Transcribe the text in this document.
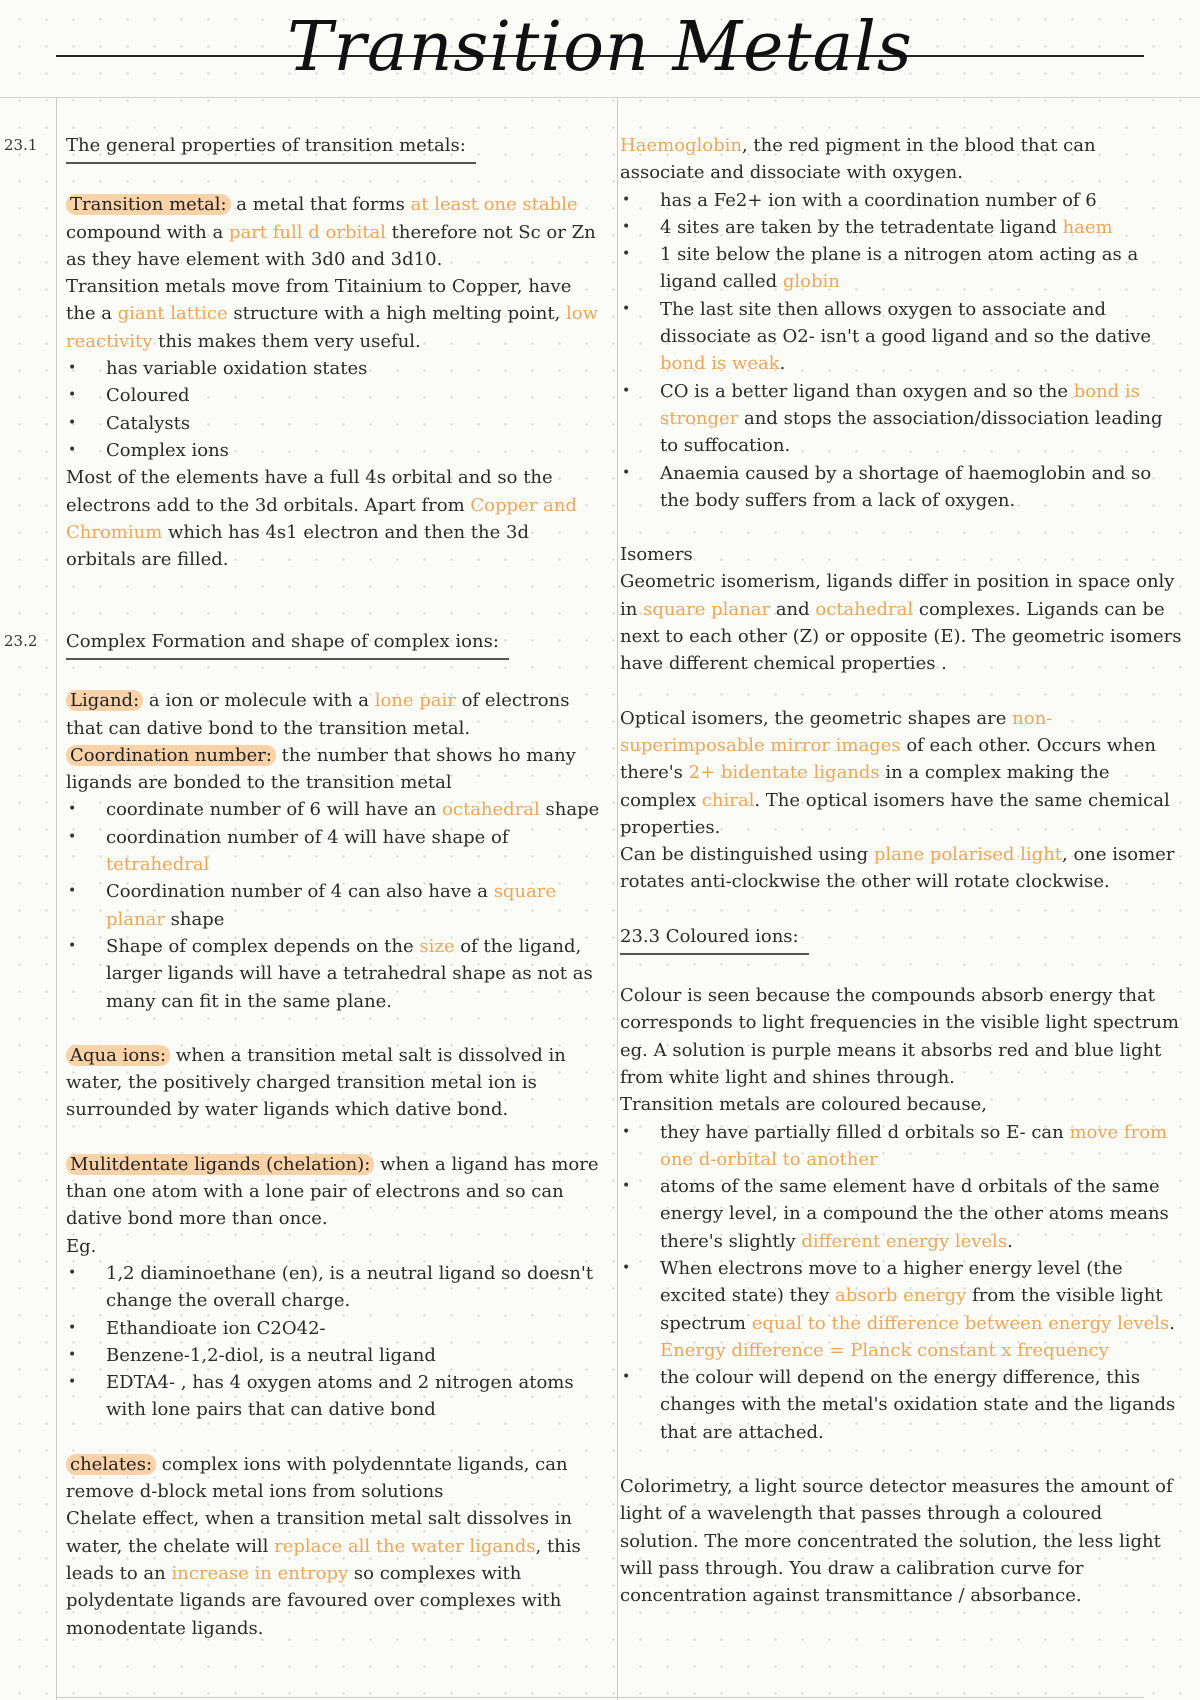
Transition Metals
23.1
23.2

The general properties of transition metals:

Transition metal: a metal that forms at least one stable compound with a part full d orbital therefore not Sc or Zn as they have element with 3d0 and 3d10.

Transition metals move from Titainium to Copper, have the a giant lattice structure with a high melting point, low reactivity this makes them very useful.

• has variable oxidation states
• Coloured
• Catalysts
• Complex ions

Most of the elements have a full 4s orbital and so the electrons add to the 3d orbitals. Apart from Copper and Chromium which has 4s1 electron and then the 3d orbitals are filled.

Complex Formation and shape of complex ions:

Ligand: a ion or molecule with a lone pair of electrons that can dative bond to the transition metal.

Coordination number: the number that shows ho many ligands are bonded to the transition metal

• coordinate number of 6 will have an octahedral shape
• coordination number of 4 will have shape of tetrahedral
• Coordination number of 4 can also have a square planar shape
• Shape of complex depends on the size of the ligand, larger ligands will have a tetrahedral shape as not as many can fit in the same plane.

Aqua ions: when a transition metal salt is dissolved in water, the positively charged transition metal ion is surrounded by water ligands which dative bond.

Mulitdentate ligands (chelation): when a ligand has more than one atom with a lone pair of electrons and so can dative bond more than once.

Eg.

• 1,2 diaminoethane (en), is a neutral ligand so doesn't change the overall charge.
• Ethandioate ion C2O42-
• Benzene-1,2-diol, is a neutral ligand
• EDTA4- , has 4 oxygen atoms and 2 nitrogen atoms with lone pairs that can dative bond

chelates: complex ions with polydenntate ligands, can remove d-block metal ions from solutions

Chelate effect, when a transition metal salt dissolves in water, the chelate will replace all the water ligands, this leads to an increase in entropy so complexes with polydentate ligands are favoured over complexes with monodentate ligands.

Haemoglobin, the red pigment in the blood that can associate and dissociate with oxygen.

• has a Fe2+ ion with a coordination number of 6
• 4 sites are taken by the tetradentate ligand haem
• 1 site below the plane is a nitrogen atom acting as a ligand called globin
• The last site then allows oxygen to associate and dissociate as O2- isn't a good ligand and so the dative bond is weak.
• CO is a better ligand than oxygen and so the bond is stronger and stops the association/dissociation leading to suffocation.
• Anaemia caused by a shortage of haemoglobin and so the body suffers from a lack of oxygen.

Isomers

Geometric isomerism, ligands differ in position in space only in square planar and octahedral complexes. Ligands can be next to each other (Z) or opposite (E). The geometric isomers have different chemical properties .

Optical isomers, the geometric shapes are non-superimposable mirror images of each other. Occurs when there's 2+ bidentate ligands in a complex making the complex chiral. The optical isomers have the same chemical properties.

Can be distinguished using plane polarised light, one isomer rotates anti-clockwise the other will rotate clockwise.

23.3 Coloured ions:

Colour is seen because the compounds absorb energy that corresponds to light frequencies in the visible light spectrum eg. A solution is purple means it absorbs red and blue light from white light and shines through.

Transition metals are coloured because,

• they have partially filled d orbitals so E- can move from one d-orbital to another
• atoms of the same element have d orbitals of the same energy level, in a compound the the other atoms means there's slightly different energy levels.
• When electrons move to a higher energy level (the excited state) they absorb energy from the visible light spectrum equal to the difference between energy levels.
Energy difference = Planck constant x frequency
• the colour will depend on the energy difference, this changes with the metal's oxidation state and the ligands that are attached.

Colorimetry, a light source detector measures the amount of light of a wavelength that passes through a coloured solution. The more concentrated the solution, the less light will pass through. You draw a calibration curve for concentration against transmittance / absorbance.
